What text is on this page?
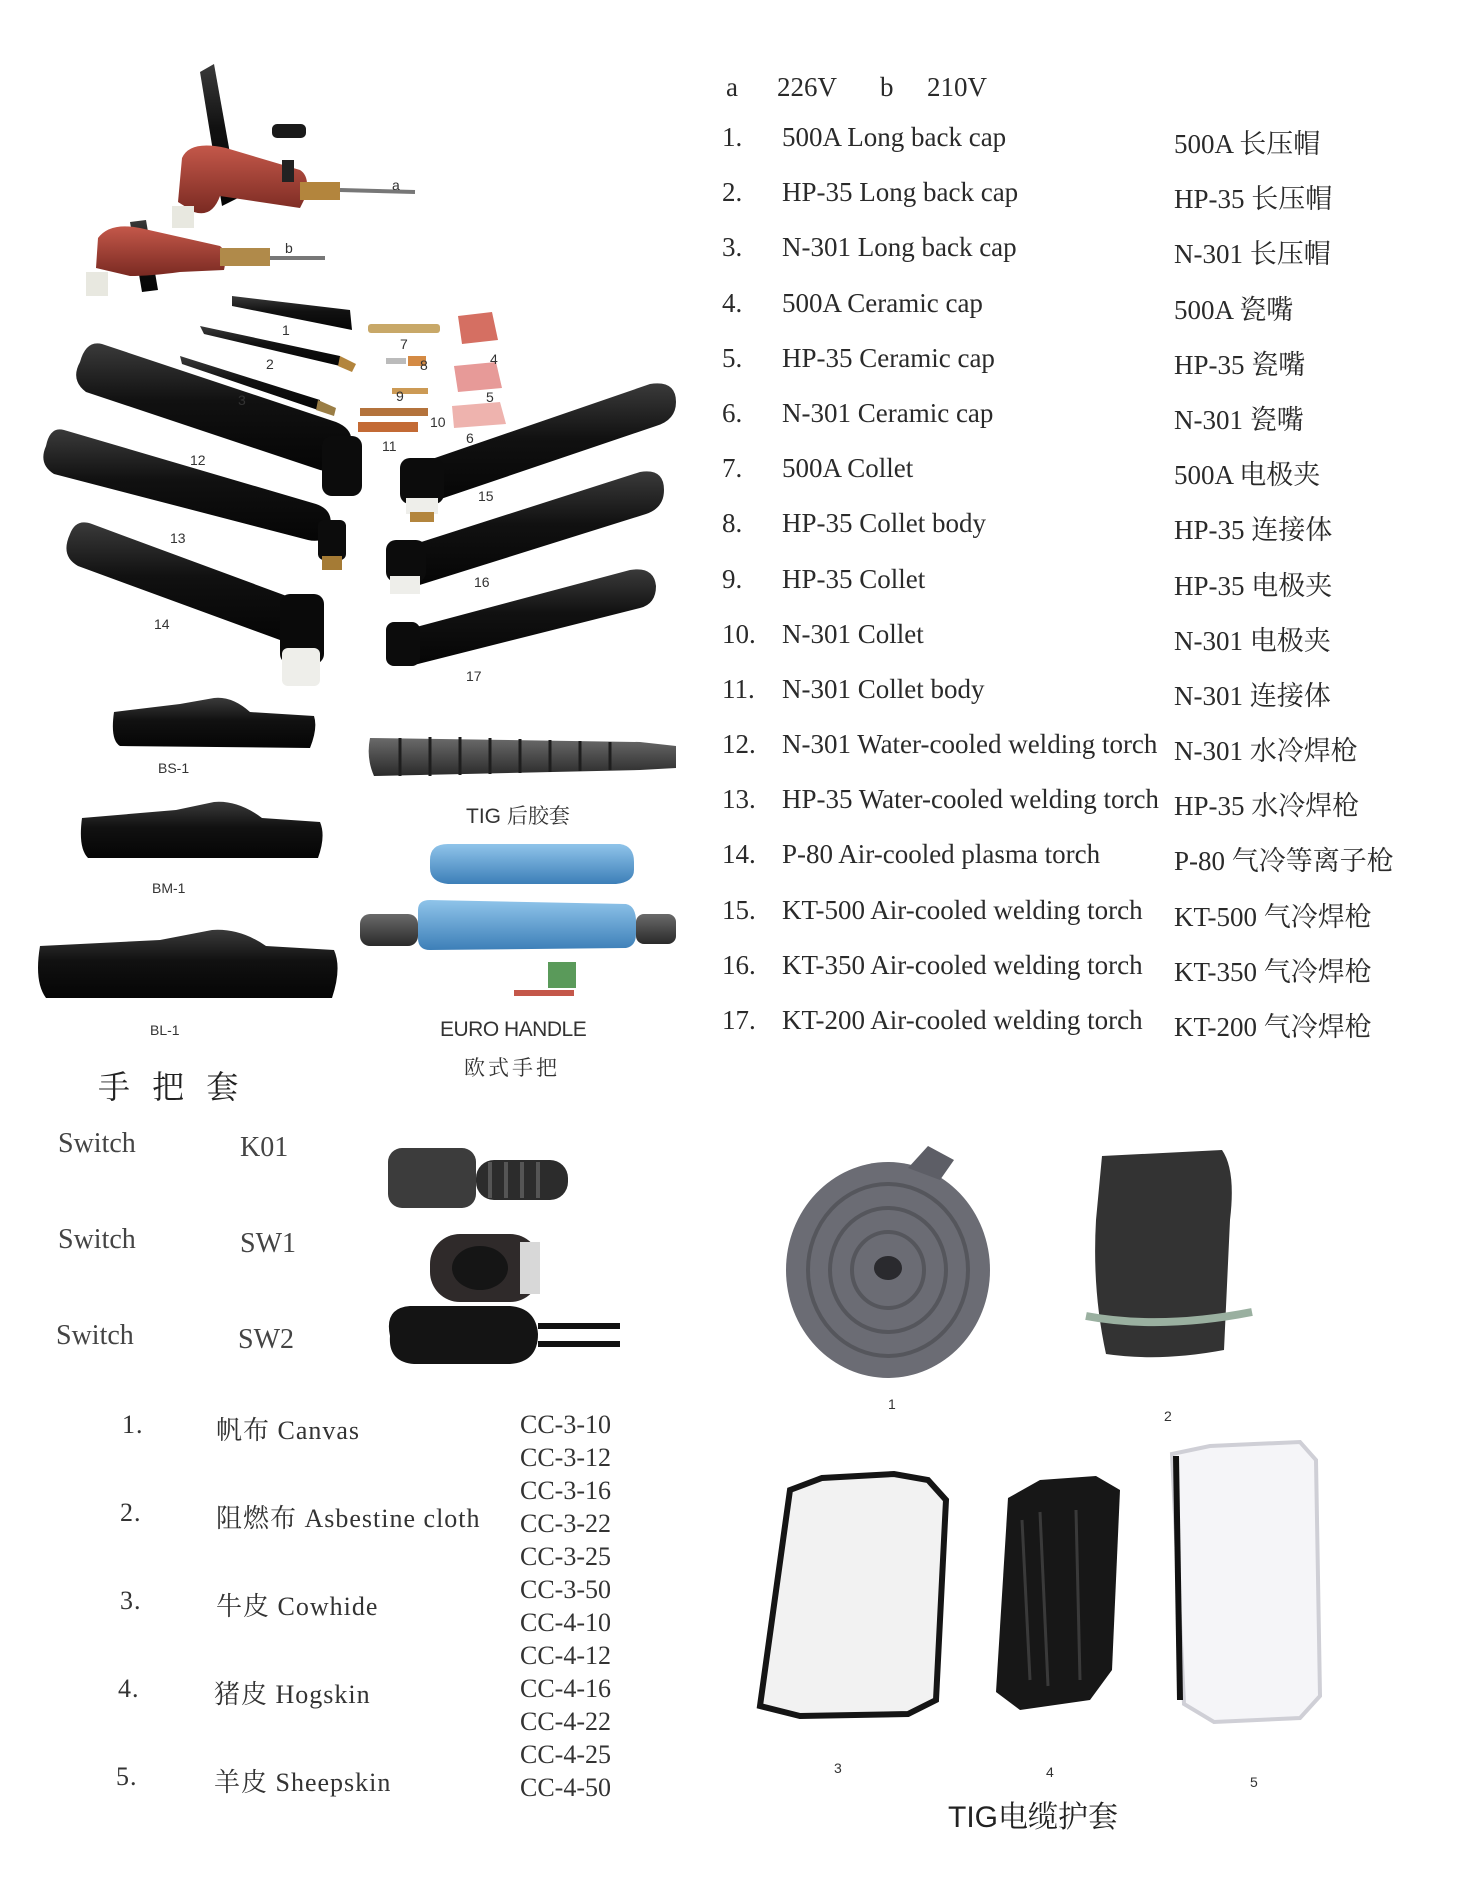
a 226V b 210V
1.	500A Long back cap	500A 长压帽
2.	HP-35 Long back cap	HP-35 长压帽
3.	N-301 Long back cap	N-301 长压帽
4.	500A Ceramic cap	500A 瓷嘴
5.	HP-35 Ceramic cap	HP-35 瓷嘴
6.	N-301 Ceramic cap	N-301 瓷嘴
7.	500A Collet	500A 电极夹
8.	HP-35 Collet body	HP-35 连接体
9.	HP-35 Collet	HP-35 电极夹
10. N-301 Collet	N-301 电极夹
11.	N-301 Collet body	N-301 连接体
12. N-301 Water-cooled welding torch N-301 水冷焊枪
13. HP-35 Water-cooled welding torch HP-35 水冷焊枪
14. P-80 Air-cooled plasma torch	P-80 气冷等离子枪
15. KT-500 Air-cooled welding torch KT-500 气冷焊枪
16. KT-350 Air-cooled welding torch KT-350 气冷焊枪
17. KT-200 Air-cooled welding torch KT-200 气冷焊枪
a
b
1
2
3
4
5
6
7
8
9
10
11
12
13
14
15
16
17
BS-1
BM-1
BL-1
TIG 后胶套
EURO HANDLE
欧式手把
手 把 套
Switch	K01
Switch	SW1
Switch	SW2
1.	帆布 Canvas
2.	阻燃布 Asbestine cloth
3.	牛皮 Cowhide
4.	猪皮 Hogskin
5.	羊皮 Sheepskin
CC-3-10
CC-3-12
CC-3-16
CC-3-22
CC-3-25
CC-3-50
CC-4-10
CC-4-12
CC-4-16
CC-4-22
CC-4-25
CC-4-50
1
2
3	4
5
TIG电缆护套
